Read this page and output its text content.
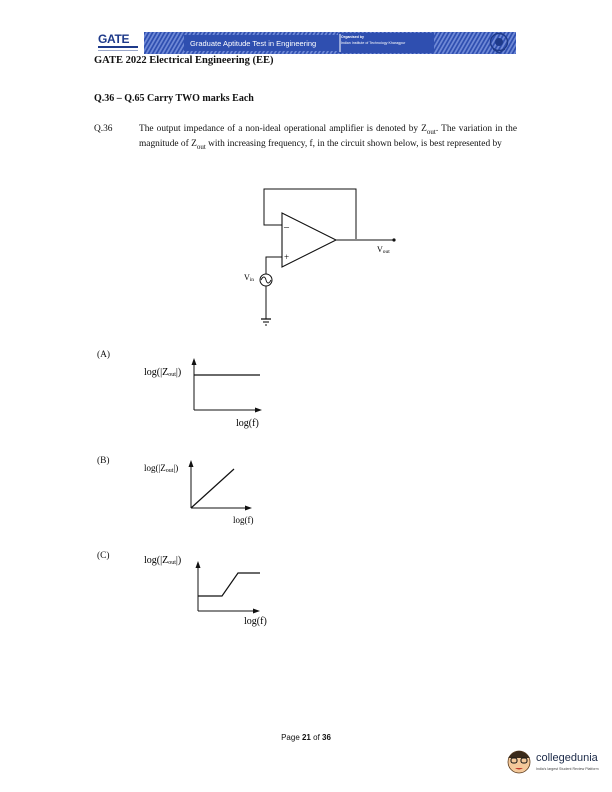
GATE	Graduate Aptitude Test in Engineering
Organised by
Indian Institute of Technology Kharagpur
GATE 2022 Electrical Engineering (EE)
Q.36 – Q.65 Carry TWO marks Each
Q.36	The output impedance of a non-ideal operational amplifier is denoted by $Z_{out}$. The variation in the magnitude of $Z_{out}$ with increasing frequency, f, in the circuit shown below, is best represented by
–
+
Vout
Vin
(A)
log(|Zout|)
log(f)
(B)
log(|Zout|)
log(f)
(C)	log(|Zout|)
log(f)
Page 21 of 36
collegedunia
India's largest Student Review Platform
